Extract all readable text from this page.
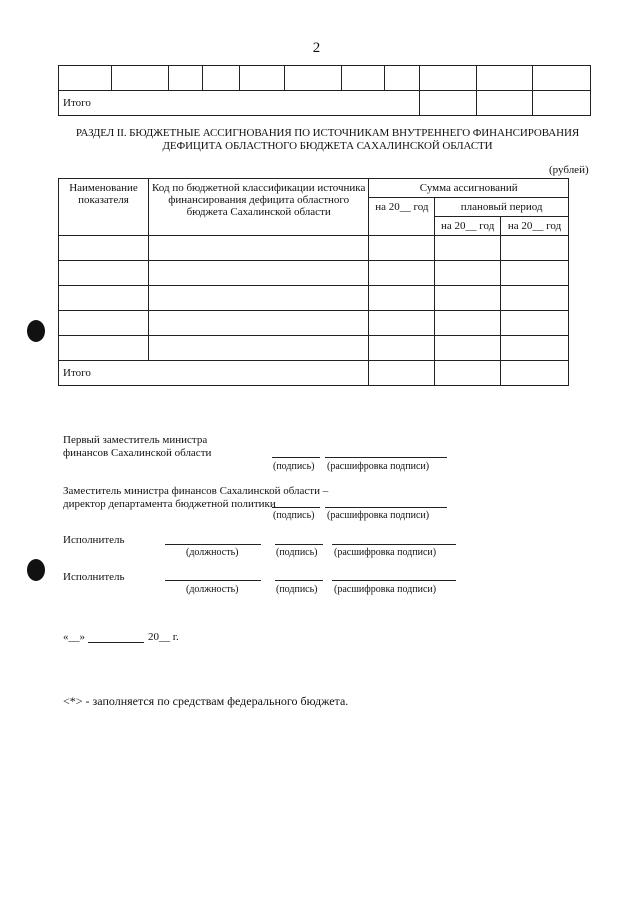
2

Итого										
РАЗДЕЛ II. БЮДЖЕТНЫЕ АССИГНОВАНИЯ ПО ИСТОЧНИКАМ ВНУТРЕННЕГО ФИНАНСИРОВАНИЯ
ДЕФИЦИТА ОБЛАСТНОГО БЮДЖЕТА САХАЛИНСКОЙ ОБЛАСТИ
(рублей)
Наименование показателя	Код по бюджетной классификации источника финансирования дефицита областного бюджета Сахалинской области	Сумма ассигнований		
		на 20__ год	плановый период	
			на 20__ год	на 20__ год

Итого				
Первый заместитель министра
финансов Сахалинской области
(подпись) (расшифровка подписи)
Заместитель министра финансов Сахалинской области –
директор департамента бюджетной политики
(подпись) (расшифровка подписи)
Исполнитель
(должность)	(подпись) (расшифровка подписи)
Исполнитель
(должность)	(подпись) (расшифровка подписи)
«__»	20__ г.
<*> - заполняется по средствам федерального бюджета.
